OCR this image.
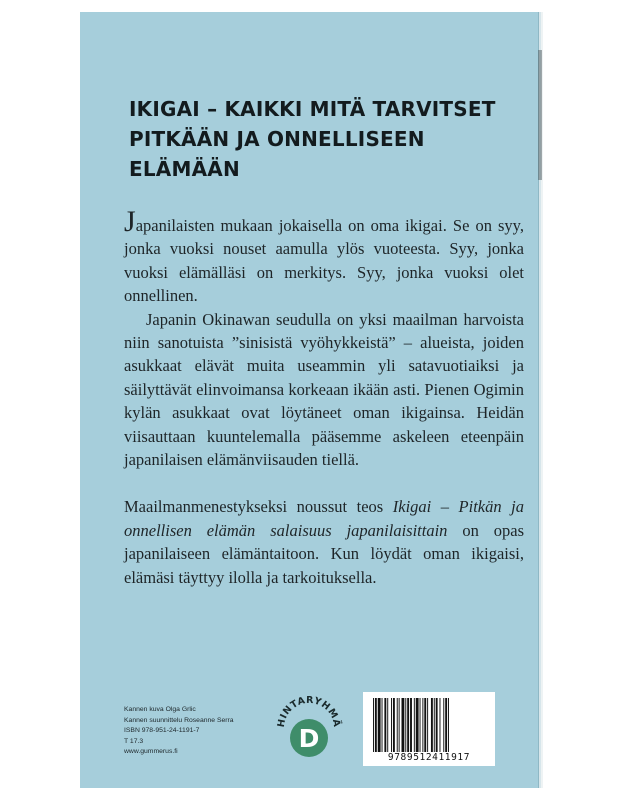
IKIGAI – KAIKKI MITÄ TARVITSET
PITKÄÄN JA ONNELLISEEN
ELÄMÄÄN

Japanilaisten mukaan jokaisella on oma ikigai. Se on syy, jonka vuoksi nouset aamulla ylös vuoteesta. Syy, jonka vuoksi elämälläsi on merkitys. Syy, jonka vuoksi olet onnellinen.

Japanin Okinawan seudulla on yksi maailman harvoista niin sanotuista ”sinisistä vyöhykkeistä” – alueista, joiden asukkaat elävät muita useammin yli satavuotiaiksi ja säilyttävät elinvoimansa korkeaan ikään asti. Pienen Ogimin kylän asukkaat ovat löytäneet oman ikigainsa. Heidän viisauttaan kuuntelemalla pääsemme askeleen eteenpäin japanilaisen elämänviisauden tiellä.

Maailmanmenestykseksi noussut teos Ikigai – Pitkän ja onnellisen elämän salaisuus japanilaisittain on opas japanilaiseen elämäntaitoon. Kun löydät oman ikigaisi, elämäsi täyttyy ilolla ja tarkoituksella.

Kannen kuva Olga Grlic
Kannen suunnittelu Roseanne Serra
ISBN 978-951-24-1191-7
T 17.3
www.gummerus.fi
HINTARYHMÄ
D
9789512411917
